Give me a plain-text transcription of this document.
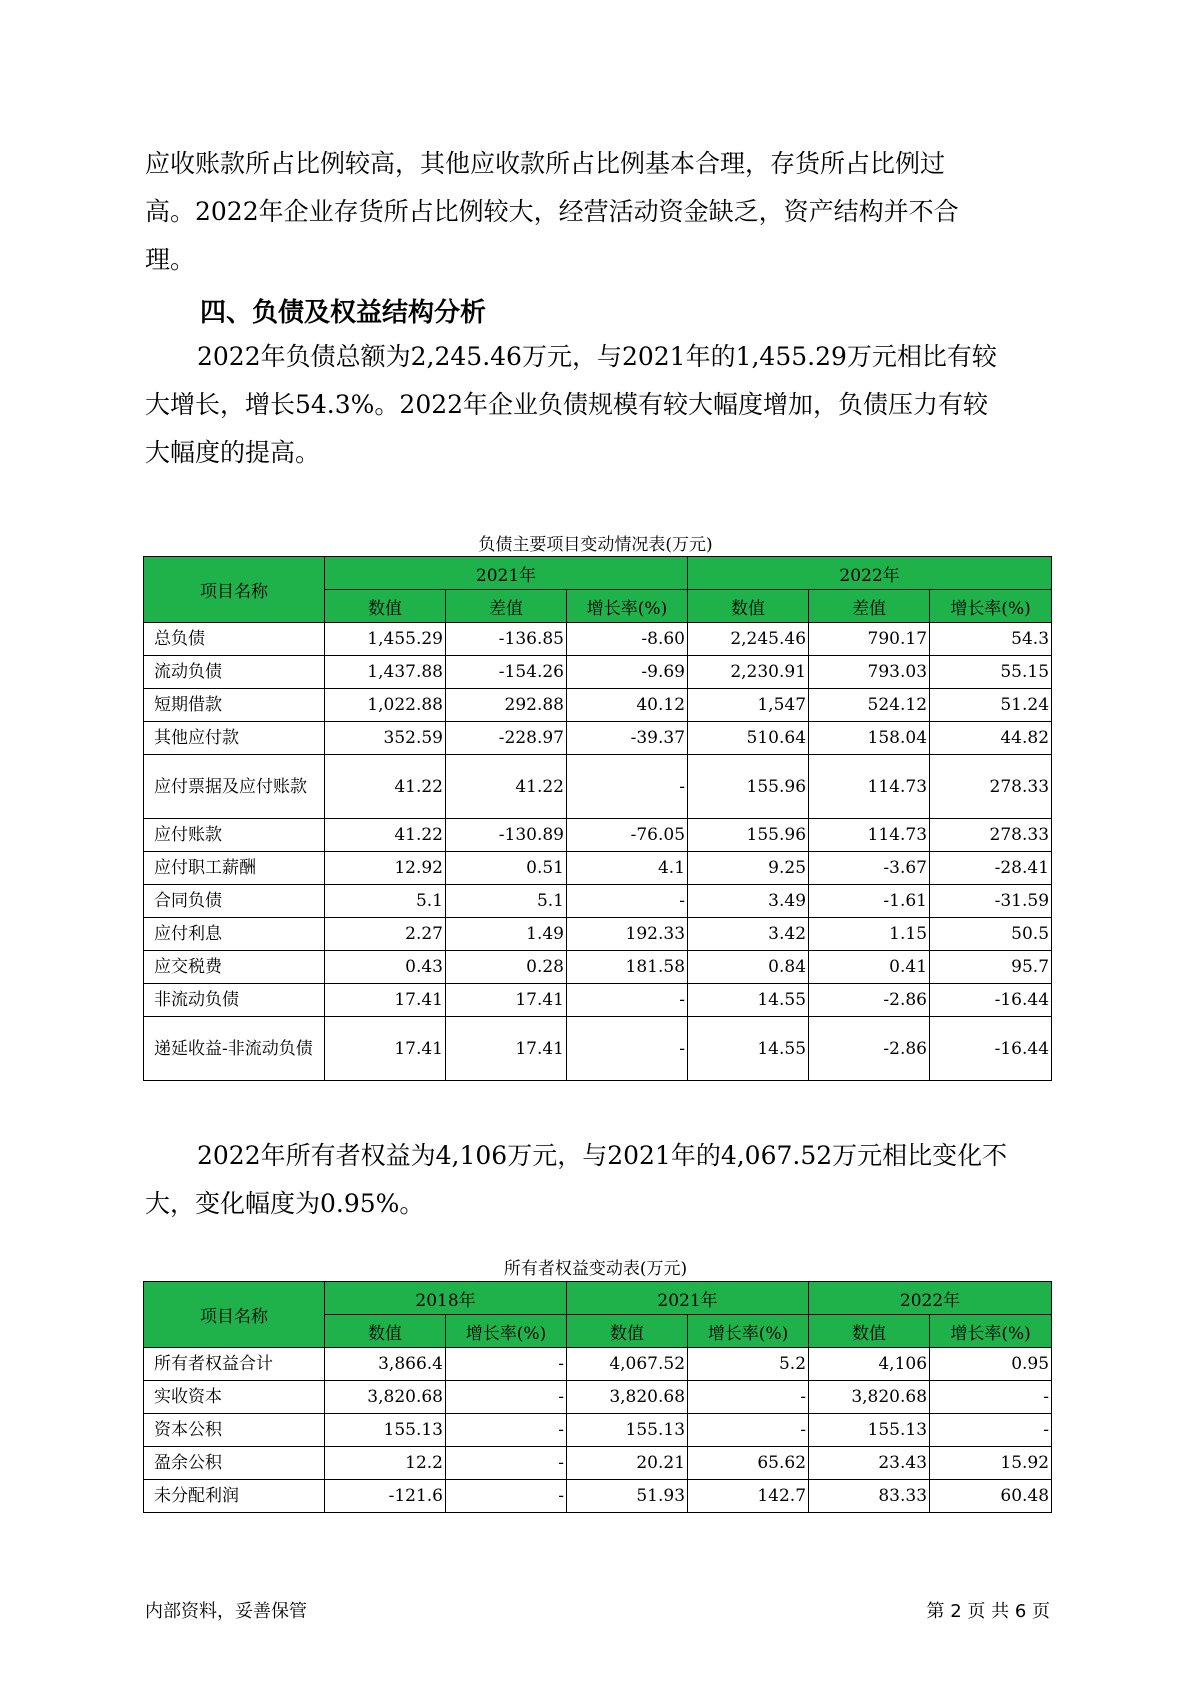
应收账款所占比例较高，其他应收款所占比例基本合理，存货所占比例过

高。2022年企业存货所占比例较大，经营活动资金缺乏，资产结构并不合

理。

四、负债及权益结构分析

2022年负债总额为2,245.46万元，与2021年的1,455.29万元相比有较

大增长，增长54.3%。2022年企业负债规模有较大幅度增加，负债压力有较

大幅度的提高。

负债主要项目变动情况表(万元)
项目名称	2021年			2022年		
	数值	差值	增长率(%)	数值	差值	增长率(%)
总负债	1,455.29	-136.85	-8.60	2,245.46	790.17	54.3
流动负债	1,437.88	-154.26	-9.69	2,230.91	793.03	55.15
短期借款	1,022.88	292.88	40.12	1,547	524.12	51.24
其他应付款	352.59	-228.97	-39.37	510.64	158.04	44.82
应付票据及应付账款	41.22	41.22	-	155.96	114.73	278.33
应付账款	41.22	-130.89	-76.05	155.96	114.73	278.33
应付职工薪酬	12.92	0.51	4.1	9.25	-3.67	-28.41
合同负债	5.1	5.1	-	3.49	-1.61	-31.59
应付利息	2.27	1.49	192.33	3.42	1.15	50.5
应交税费	0.43	0.28	181.58	0.84	0.41	95.7
非流动负债	17.41	17.41	-	14.55	-2.86	-16.44
递延收益-非流动负债	17.41	17.41	-	14.55	-2.86	-16.44

2022年所有者权益为4,106万元，与2021年的4,067.52万元相比变化不

大，变化幅度为0.95%。

所有者权益变动表(万元)
项目名称	2018年		2021年		2022年	
	数值	增长率(%)	数值	增长率(%)	数值	增长率(%)
所有者权益合计	3,866.4	-	4,067.52	5.2	4,106	0.95
实收资本	3,820.68	-	3,820.68	-	3,820.68	-
资本公积	155.13	-	155.13	-	155.13	-
盈余公积	12.2	-	20.21	65.62	23.43	15.92
未分配利润	-121.6	-	51.93	142.7	83.33	60.48
内部资料，妥善保管	第 2 页 共 6 页
